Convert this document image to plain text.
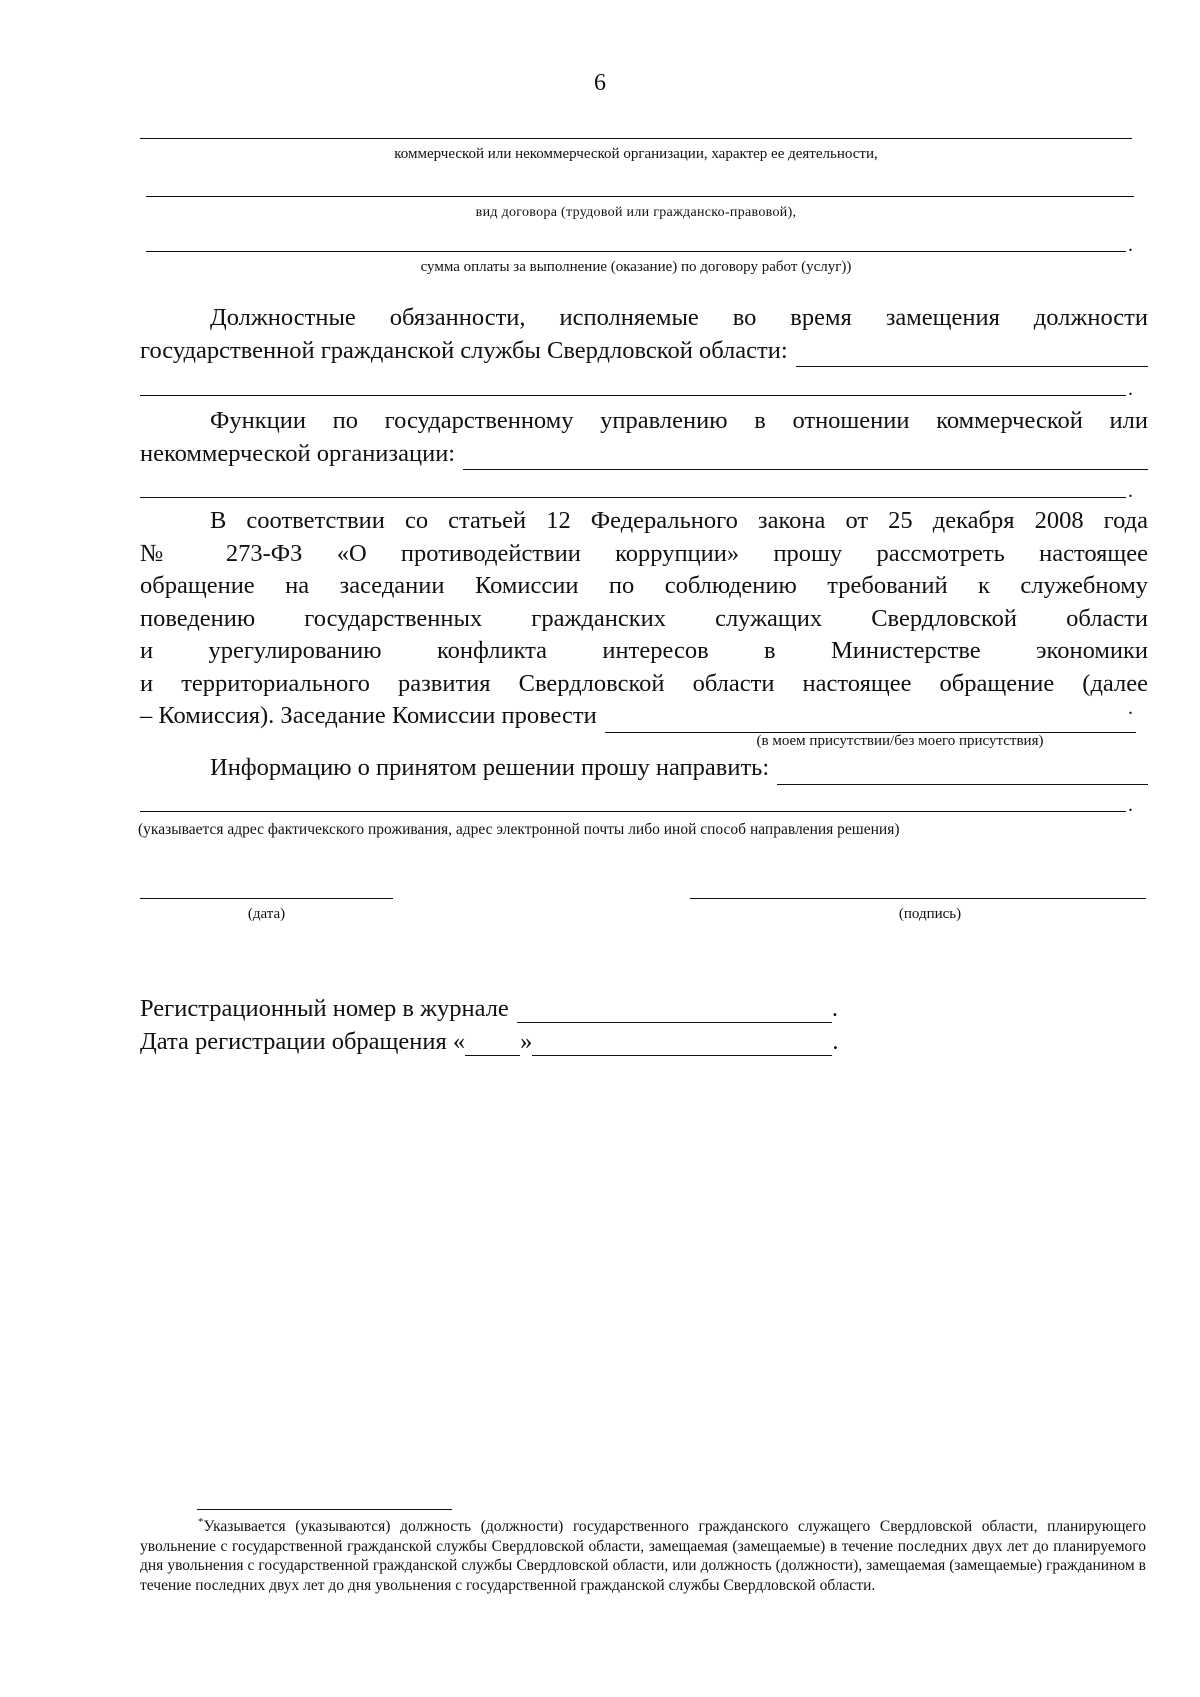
6
коммерческой или некоммерческой организации, характер ее деятельности,
вид договора (трудовой или гражданско-правовой),
.
сумма оплаты за выполнение (оказание) по договору работ (услуг))
Должностные обязанности, исполняемые во время замещения должности
государственной гражданской службы Свердловской области:
.
Функции по государственному управлению в отношении коммерческой или
некоммерческой организации:
.
В соответствии со статьей 12 Федерального закона от 25 декабря 2008 года
№ 273-ФЗ «О противодействии коррупции» прошу рассмотреть настоящее
обращение на заседании Комиссии по соблюдению требований к служебному
поведению государственных гражданских служащих Свердловской области
и урегулированию конфликта интересов в Министерстве экономики
и территориального развития Свердловской области настоящее обращение (далее
– Комиссия). Заседание Комиссии провести	.
(в моем присутствии/без моего присутствия)
Информацию о принятом решении прошу направить:
.
(указывается адрес фактичекского проживания, адрес электронной почты либо иной способ направления решения)
(дата)	(подпись)
Регистрационный номер в журнале	.
Дата регистрации обращения « »	.
*Указывается (указываются) должность (должности) государственного гражданского служащего Свердловской области, планирующего увольнение с государственной гражданской службы Свердловской области, замещаемая (замещаемые) в течение последних двух лет до планируемого дня увольнения с государственной гражданской службы Свердловской области, или должность (должности), замещаемая (замещаемые) гражданином в течение последних двух лет до дня увольнения с государственной гражданской службы Свердловской области.
